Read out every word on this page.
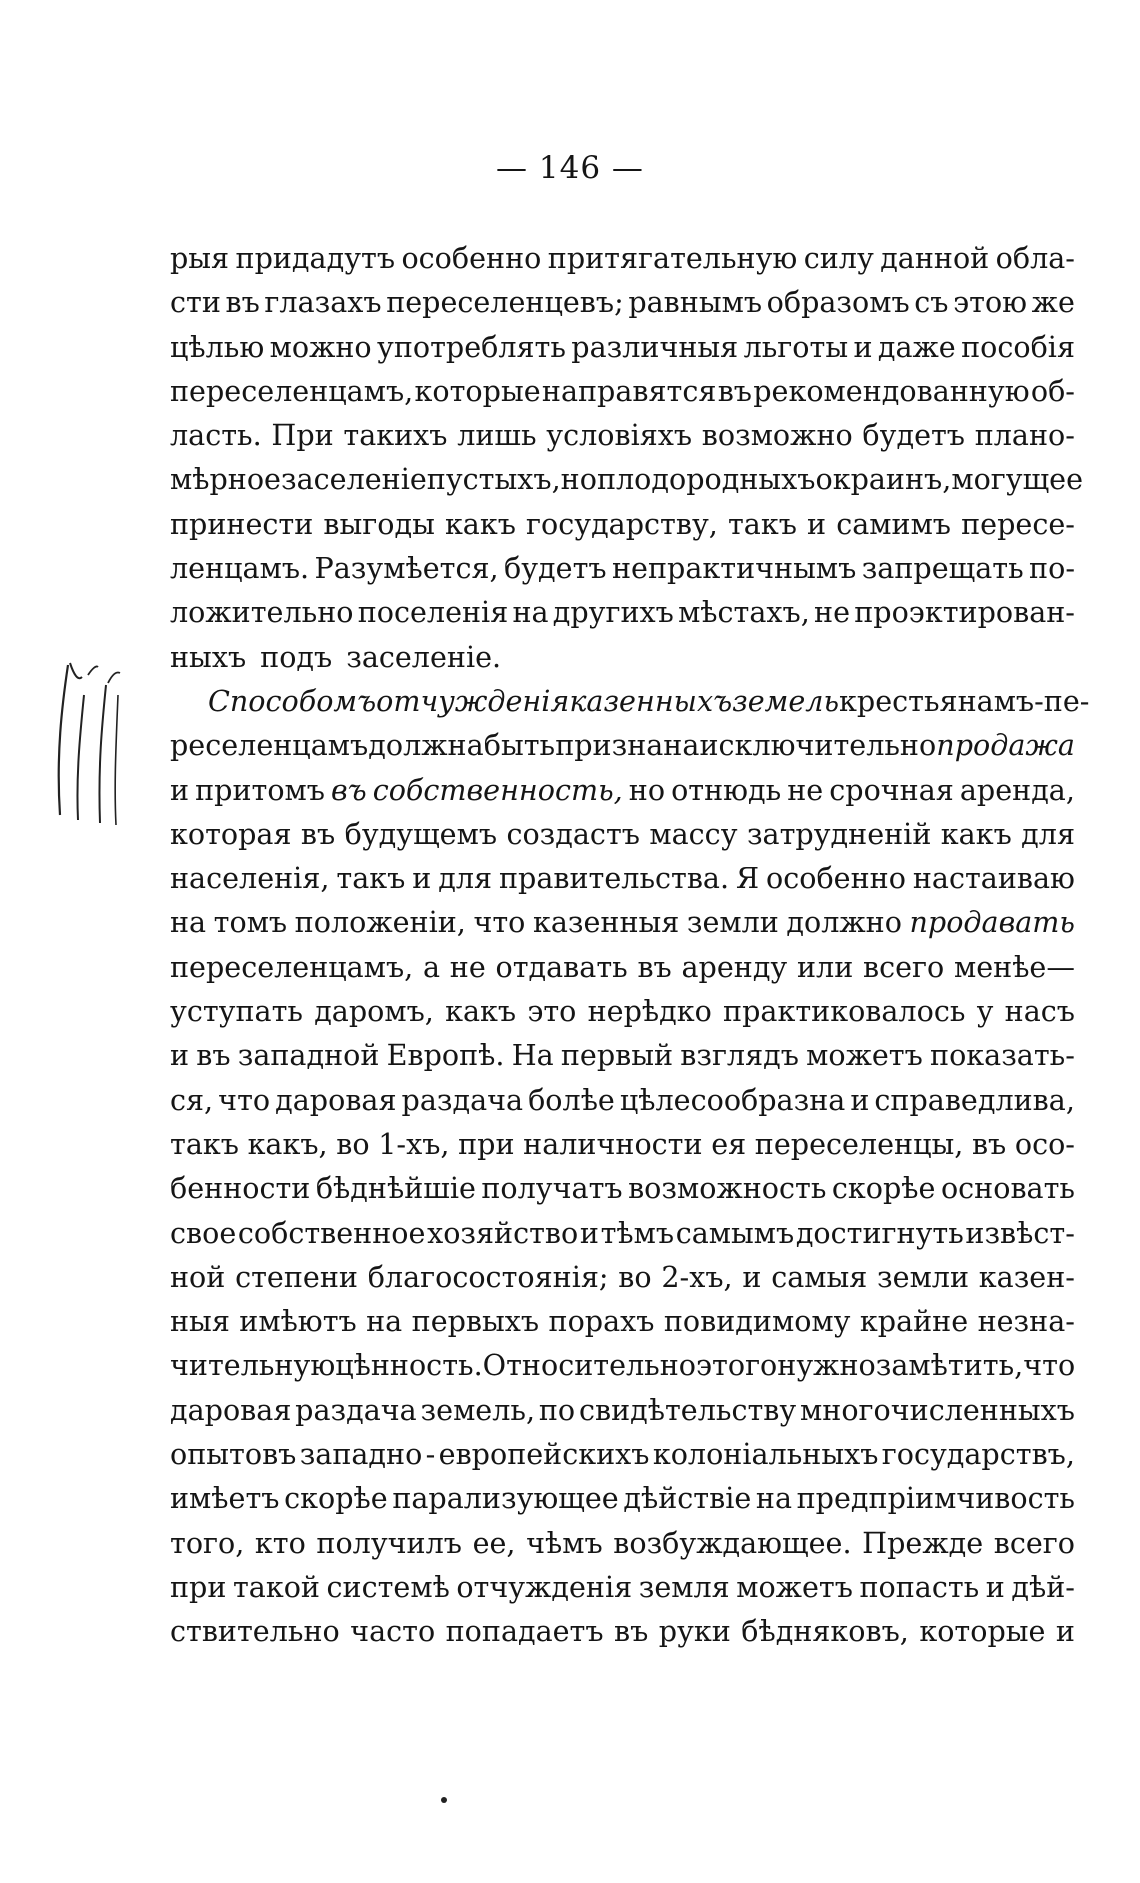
— 146 —
рыя придадутъ особенно притягательную силу данной обла-
сти въ глазахъ переселенцевъ; равнымъ образомъ съ этою же
цѣлью можно употреблять различныя льготы и даже пособія
переселенцамъ, которые направятся въ рекомендованную об-
ласть. При такихъ лишь условіяхъ возможно будетъ плано-
мѣрное заселеніе пустыхъ, но плодородныхъ окраинъ, могущее
принести выгоды какъ государству, такъ и самимъ пересе-
ленцамъ. Разумѣется, будетъ непрактичнымъ запрещать по-
ложительно поселенія на другихъ мѣстахъ, не проэктирован-
ныхъ подъ заселеніе.
Способомъ отчужденія казенныхъ земель крестьянамъ-пе-
реселенцамъ должна быть признана исключительно продажа
и притомъ въ собственность, но отнюдь не срочная аренда,
которая въ будущемъ создастъ массу затрудненій какъ для
населенія, такъ и для правительства. Я особенно настаиваю
на томъ положеніи, что казенныя земли должно продавать
переселенцамъ, а не отдавать въ аренду или всего менѣе—
уступать даромъ, какъ это нерѣдко практиковалось у насъ
и въ западной Европѣ. На первый взглядъ можетъ показать-
ся, что даровая раздача болѣе цѣлесообразна и справедлива,
такъ какъ, во 1-хъ, при наличности ея переселенцы, въ осо-
бенности бѣднѣйшіе получатъ возможность скорѣе основать
свое собственное хозяйство и тѣмъ самымъ достигнуть извѣст-
ной степени благосостоянія; во 2-хъ, и самыя земли казен-
ныя имѣютъ на первыхъ порахъ повидимому крайне незна-
чительную цѣнность. Относительно этого нужно замѣтить, что
даровая раздача земель, по свидѣтельству многочисленныхъ
опытовъ западно - европейскихъ колоніальныхъ государствъ,
имѣетъ скорѣе парализующее дѣйствіе на предпріимчивость
того, кто получилъ ее, чѣмъ возбуждающее. Прежде всего
при такой системѣ отчужденія земля можетъ попасть и дѣй-
ствительно часто попадаетъ въ руки бѣдняковъ, которые и
